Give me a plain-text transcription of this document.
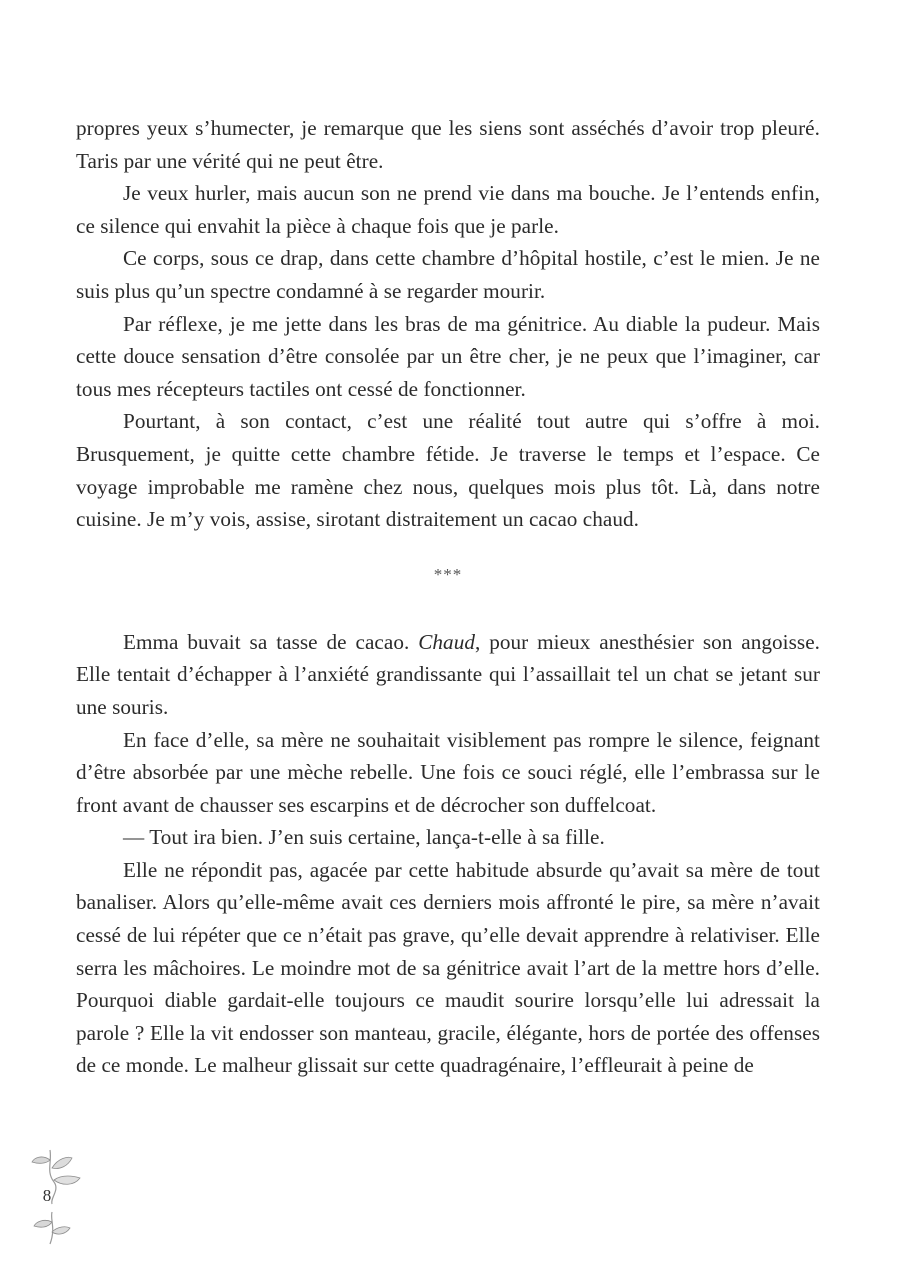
propres yeux s’humecter, je remarque que les siens sont asséchés d’avoir trop pleuré. Taris par une vérité qui ne peut être.

Je veux hurler, mais aucun son ne prend vie dans ma bouche. Je l’entends enfin, ce silence qui envahit la pièce à chaque fois que je parle.

Ce corps, sous ce drap, dans cette chambre d’hôpital hostile, c’est le mien. Je ne suis plus qu’un spectre condamné à se regarder mourir.

Par réflexe, je me jette dans les bras de ma génitrice. Au diable la pudeur. Mais cette douce sensation d’être consolée par un être cher, je ne peux que l’imaginer, car tous mes récepteurs tactiles ont cessé de fonctionner.

Pourtant, à son contact, c’est une réalité tout autre qui s’offre à moi. Brusquement, je quitte cette chambre fétide. Je traverse le temps et l’espace. Ce voyage improbable me ramène chez nous, quelques mois plus tôt. Là, dans notre cuisine. Je m’y vois, assise, sirotant distraitement un cacao chaud.

***

Emma buvait sa tasse de cacao. Chaud, pour mieux anesthésier son angoisse. Elle tentait d’échapper à l’anxiété grandissante qui l’assaillait tel un chat se jetant sur une souris.

En face d’elle, sa mère ne souhaitait visiblement pas rompre le silence, feignant d’être absorbée par une mèche rebelle. Une fois ce souci réglé, elle l’embrassa sur le front avant de chausser ses escarpins et de décrocher son duffelcoat.

— Tout ira bien. J’en suis certaine, lança-t-elle à sa fille.

Elle ne répondit pas, agacée par cette habitude absurde qu’avait sa mère de tout banaliser. Alors qu’elle-même avait ces derniers mois affronté le pire, sa mère n’avait cessé de lui répéter que ce n’était pas grave, qu’elle devait apprendre à relativiser. Elle serra les mâchoires. Le moindre mot de sa génitrice avait l’art de la mettre hors d’elle. Pourquoi diable gardait-elle toujours ce maudit sourire lorsqu’elle lui adressait la parole ? Elle la vit endosser son manteau, gracile, élégante, hors de portée des offenses de ce monde. Le malheur glissait sur cette quadragénaire, l’effleurait à peine de

8
